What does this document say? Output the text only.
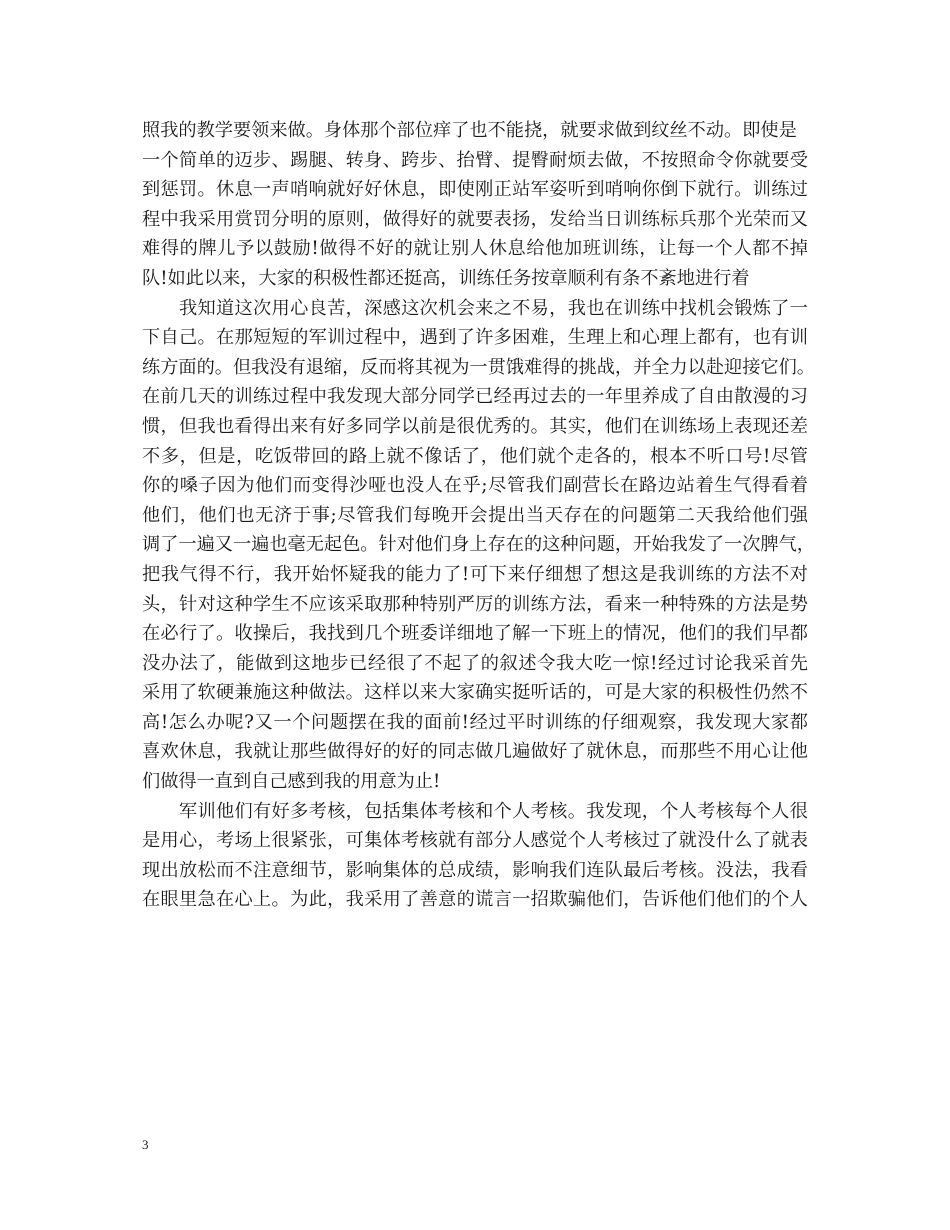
照我的教学要领来做。身体那个部位痒了也不能挠，就要求做到纹丝不动。即使是
一个简单的迈步、踢腿、转身、跨步、抬臂、提臀耐烦去做，不按照命令你就要受
到惩罚。休息一声哨响就好好休息，即使刚正站军姿听到哨响你倒下就行。训练过
程中我采用赏罚分明的原则，做得好的就要表扬，发给当日训练标兵那个光荣而又
难得的牌儿予以鼓励!做得不好的就让别人休息给他加班训练，让每一个人都不掉
队!如此以来，大家的积极性都还挺高，训练任务按章顺利有条不紊地进行着
　　我知道这次用心良苦，深感这次机会来之不易，我也在训练中找机会锻炼了一
下自己。在那短短的军训过程中，遇到了许多困难，生理上和心理上都有，也有训
练方面的。但我没有退缩，反而将其视为一贯饿难得的挑战，并全力以赴迎接它们。
在前几天的训练过程中我发现大部分同学已经再过去的一年里养成了自由散漫的习
惯，但我也看得出来有好多同学以前是很优秀的。其实，他们在训练场上表现还差
不多，但是，吃饭带回的路上就不像话了，他们就个走各的，根本不听口号!尽管
你的嗓子因为他们而变得沙哑也没人在乎;尽管我们副营长在路边站着生气得看着
他们，他们也无济于事;尽管我们每晚开会提出当天存在的问题第二天我给他们强
调了一遍又一遍也毫无起色。针对他们身上存在的这种问题，开始我发了一次脾气，
把我气得不行，我开始怀疑我的能力了!可下来仔细想了想这是我训练的方法不对
头，针对这种学生不应该采取那种特别严厉的训练方法，看来一种特殊的方法是势
在必行了。收操后，我找到几个班委详细地了解一下班上的情况，他们的我们早都
没办法了，能做到这地步已经很了不起了的叙述令我大吃一惊!经过讨论我采首先
采用了软硬兼施这种做法。这样以来大家确实挺听话的，可是大家的积极性仍然不
高!怎么办呢?又一个问题摆在我的面前!经过平时训练的仔细观察，我发现大家都
喜欢休息，我就让那些做得好的好的同志做几遍做好了就休息，而那些不用心让他
们做得一直到自己感到我的用意为止!
　　军训他们有好多考核，包括集体考核和个人考核。我发现，个人考核每个人很
是用心，考场上很紧张，可集体考核就有部分人感觉个人考核过了就没什么了就表
现出放松而不注意细节，影响集体的总成绩，影响我们连队最后考核。没法，我看
在眼里急在心上。为此，我采用了善意的谎言一招欺骗他们，告诉他们他们的个人
3
